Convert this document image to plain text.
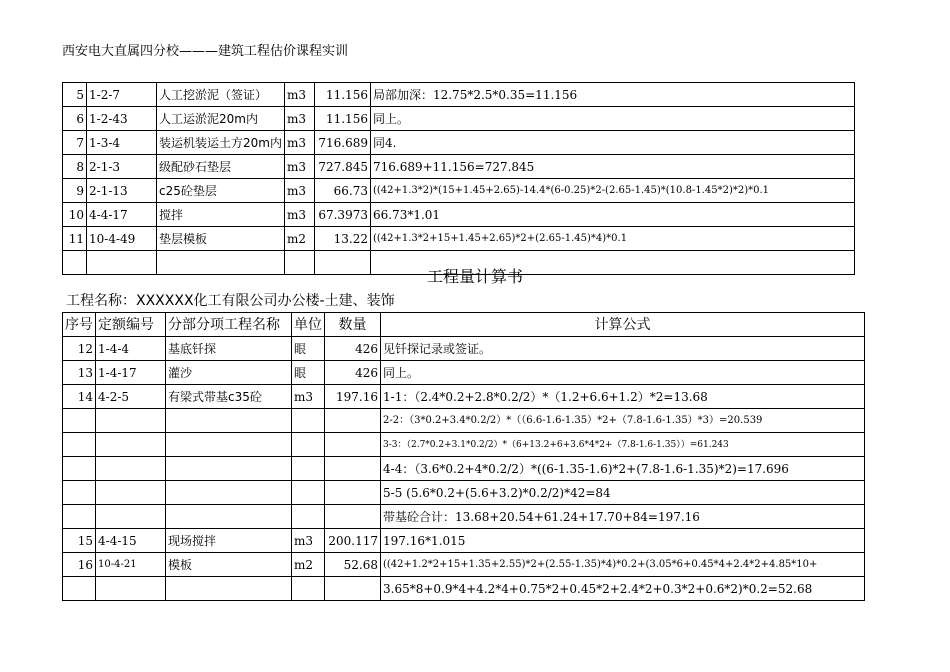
西安电大直属四分校———建筑工程估价课程实训
5	1-2-7	人工挖淤泥（签证）	m3	11.156	局部加深：12.75*2.5*0.35=11.156
6	1-2-43	人工运淤泥20m内	m3	11.156	同上。
7	1-3-4	装运机装运土方20m内	m3	716.689	同4.
8	2-1-3	级配砂石垫层	m3	727.845	716.689+11.156=727.845
9	2-1-13	c25砼垫层	m3	66.73	((42+1.3*2)*(15+1.45+2.65)-14.4*(6-0.25)*2-(2.65-1.45)*(10.8-1.45*2)*2)*0.1
10	4-4-17	搅拌	m3	67.3973	66.73*1.01
11	10-4-49	垫层模板	m2	13.22	((42+1.3*2+15+1.45+2.65)*2+(2.65-1.45)*4)*0.1

工程量计算书
工程名称：XXXXXX化工有限公司办公楼-土建、装饰
序号	定额编号	分部分项工程名称	单位	数量	计算公式
12	1-4-4	基底钎探	眼	426	见钎探记录或签证。
13	1-4-17	灌沙	眼	426	同上。
14	4-2-5	有梁式带基c35砼	m3	197.16	1-1：（2.4*0.2+2.8*0.2/2）*（1.2+6.6+1.2）*2=13.68
					2-2：（3*0.2+3.4*0.2/2）*（（6.6-1.6-1.35）*2+（7.8-1.6-1.35）*3）=20.539
					3-3：（2.7*0.2+3.1*0.2/2）*（6+13.2+6+3.6*4*2+（7.8-1.6-1.35））=61.243
					4-4：（3.6*0.2+4*0.2/2）*((6-1.35-1.6)*2+(7.8-1.6-1.35)*2)=17.696
					5-5 (5.6*0.2+(5.6+3.2)*0.2/2)*42=84
					带基砼合计：13.68+20.54+61.24+17.70+84=197.16
15	4-4-15	现场搅拌	m3	200.117	197.16*1.015
16	10-4-21	模板	m2	52.68	((42+1.2*2+15+1.35+2.55)*2+(2.55-1.35)*4)*0.2+(3.05*6+0.45*4+2.4*2+4.85*10+
					3.65*8+0.9*4+4.2*4+0.75*2+0.45*2+2.4*2+0.3*2+0.6*2)*0.2=52.68
